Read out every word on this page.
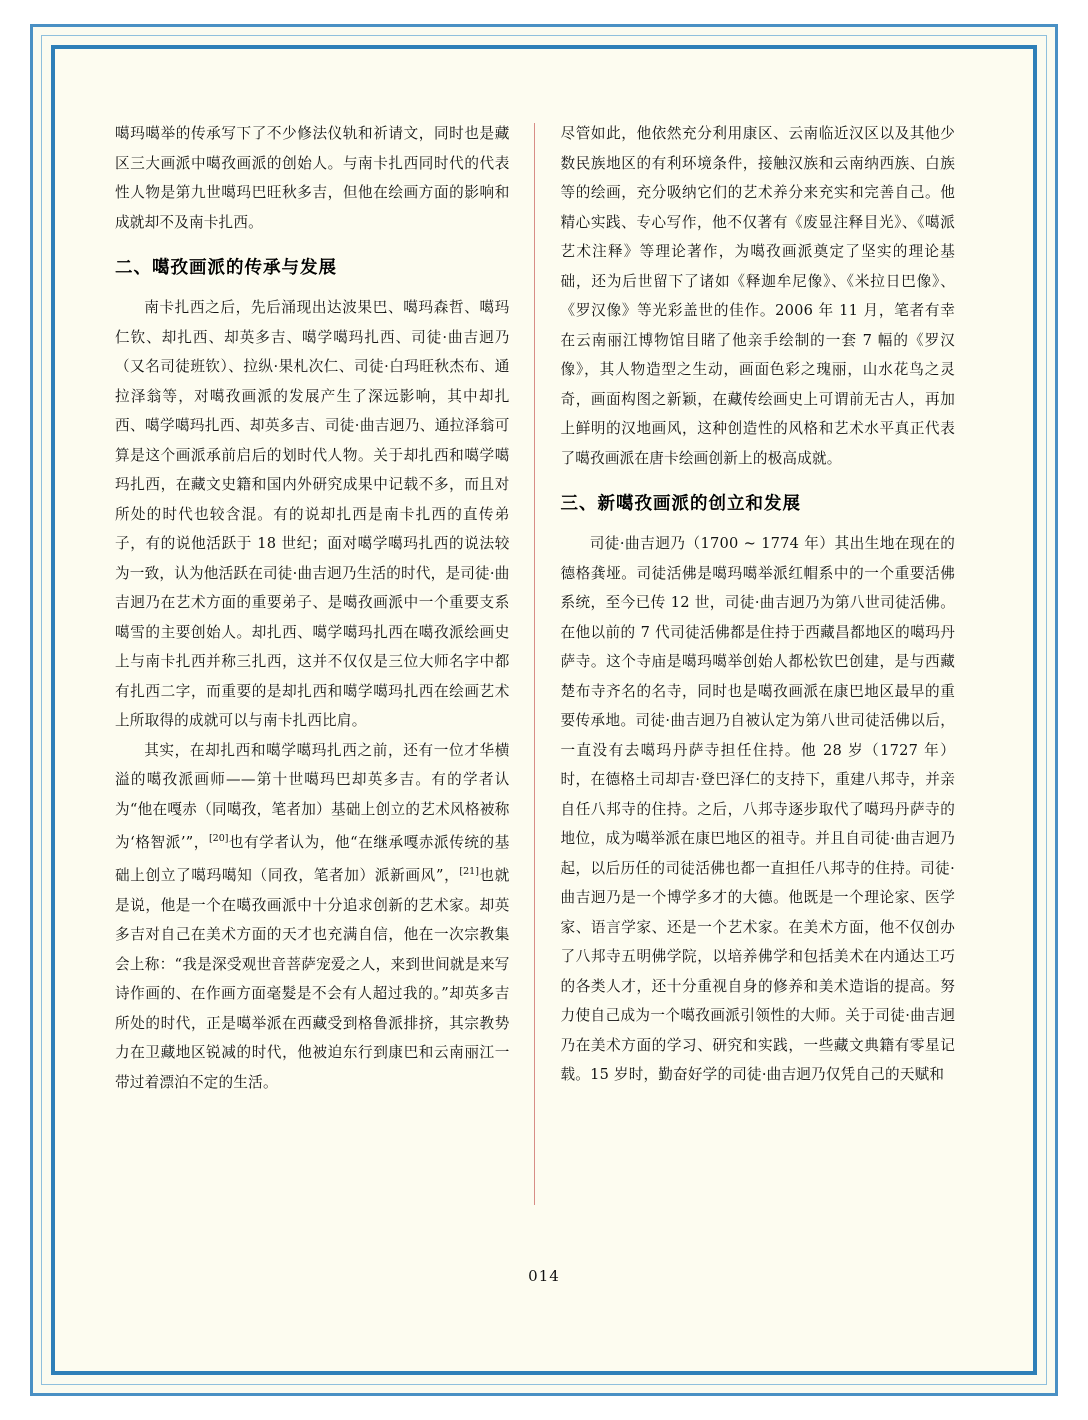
噶玛噶举的传承写下了不少修法仪轨和祈请文，同时也是藏区三大画派中噶孜画派的创始人。与南卡扎西同时代的代表性人物是第九世噶玛巴旺秋多吉，但他在绘画方面的影响和成就却不及南卡扎西。

二、噶孜画派的传承与发展

南卡扎西之后，先后涌现出达波果巴、噶玛森哲、噶玛仁钦、却扎西、却英多吉、噶学噶玛扎西、司徒·曲吉迥乃（又名司徒班钦）、拉纵·果札次仁、司徒·白玛旺秋杰布、通拉泽翁等，对噶孜画派的发展产生了深远影响，其中却扎西、噶学噶玛扎西、却英多吉、司徒·曲吉迥乃、通拉泽翁可算是这个画派承前启后的划时代人物。关于却扎西和噶学噶玛扎西，在藏文史籍和国内外研究成果中记载不多，而且对所处的时代也较含混。有的说却扎西是南卡扎西的直传弟子，有的说他活跃于 18 世纪；面对噶学噶玛扎西的说法较为一致，认为他活跃在司徒·曲吉迥乃生活的时代，是司徒·曲吉迥乃在艺术方面的重要弟子、是噶孜画派中一个重要支系噶雪的主要创始人。却扎西、噶学噶玛扎西在噶孜派绘画史上与南卡扎西并称三扎西，这并不仅仅是三位大师名字中都有扎西二字，而重要的是却扎西和噶学噶玛扎西在绘画艺术上所取得的成就可以与南卡扎西比肩。

其实，在却扎西和噶学噶玛扎西之前，还有一位才华横溢的噶孜派画师——第十世噶玛巴却英多吉。有的学者认为“他在嘎赤（同噶孜，笔者加）基础上创立的艺术风格被称为‘格智派’”，[20]也有学者认为，他“在继承嘎赤派传统的基础上创立了噶玛噶知（同孜，笔者加）派新画风”，[21]也就是说，他是一个在噶孜画派中十分追求创新的艺术家。却英多吉对自己在美术方面的天才也充满自信，他在一次宗教集会上称：“我是深受观世音菩萨宠爱之人，来到世间就是来写诗作画的、在作画方面毫髮是不会有人超过我的。”却英多吉所处的时代，正是噶举派在西藏受到格鲁派排挤，其宗教势力在卫藏地区锐减的时代，他被迫东行到康巴和云南丽江一带过着漂泊不定的生活。

尽管如此，他依然充分利用康区、云南临近汉区以及其他少数民族地区的有利环境条件，接触汉族和云南纳西族、白族等的绘画，充分吸纳它们的艺术养分来充实和完善自己。他精心实践、专心写作，他不仅著有《废显注释目光》、《噶派艺术注释》等理论著作，为噶孜画派奠定了坚实的理论基础，还为后世留下了诸如《释迦牟尼像》、《米拉日巴像》、《罗汉像》等光彩盖世的佳作。2006 年 11 月，笔者有幸在云南丽江博物馆目睹了他亲手绘制的一套 7 幅的《罗汉像》，其人物造型之生动，画面色彩之瑰丽，山水花鸟之灵奇，画面构图之新颖，在藏传绘画史上可谓前无古人，再加上鲜明的汉地画风，这种创造性的风格和艺术水平真正代表了噶孜画派在唐卡绘画创新上的极高成就。

三、新噶孜画派的创立和发展

司徒·曲吉迥乃（1700 ~ 1774 年）其出生地在现在的德格龚垭。司徒活佛是噶玛噶举派红帽系中的一个重要活佛系统，至今已传 12 世，司徒·曲吉迥乃为第八世司徒活佛。在他以前的 7 代司徒活佛都是住持于西藏昌都地区的噶玛丹萨寺。这个寺庙是噶玛噶举创始人都松钦巴创建，是与西藏楚布寺齐名的名寺，同时也是噶孜画派在康巴地区最早的重要传承地。司徒·曲吉迥乃自被认定为第八世司徒活佛以后，一直没有去噶玛丹萨寺担任住持。他 28 岁（1727 年）时，在德格土司却吉·登巴泽仁的支持下，重建八邦寺，并亲自任八邦寺的住持。之后，八邦寺逐步取代了噶玛丹萨寺的地位，成为噶举派在康巴地区的祖寺。并且自司徒·曲吉迥乃起，以后历任的司徒活佛也都一直担任八邦寺的住持。司徒·曲吉迥乃是一个博学多才的大德。他既是一个理论家、医学家、语言学家、还是一个艺术家。在美术方面，他不仅创办了八邦寺五明佛学院，以培养佛学和包括美术在内通达工巧的各类人才，还十分重视自身的修养和美术造诣的提高。努力使自己成为一个噶孜画派引领性的大师。关于司徒·曲吉迥乃在美术方面的学习、研究和实践，一些藏文典籍有零星记载。15 岁时，勤奋好学的司徒·曲吉迥乃仅凭自己的天赋和

014
